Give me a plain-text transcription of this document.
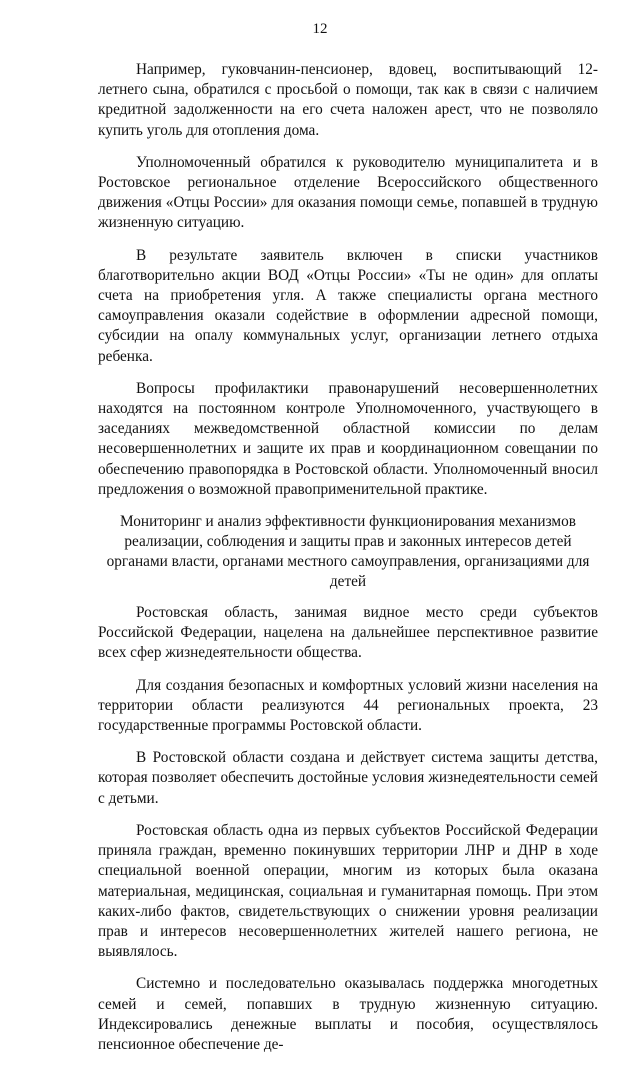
12

Например, гуковчанин-пенсионер, вдовец, воспитывающий 12-летнего сына, обратился с просьбой о помощи, так как в связи с наличием кредитной задолженности на его счета наложен арест, что не позволяло купить уголь для отопления дома.

Уполномоченный обратился к руководителю муниципалитета и в Ростовское региональное отделение Всероссийского общественного движения «Отцы России» для оказания помощи семье, попавшей в трудную жизненную ситуацию.

В результате заявитель включен в списки участников благотворительно акции ВОД «Отцы России» «Ты не один» для оплаты счета на приобретения угля. А также специалисты органа местного самоуправления оказали содействие в оформлении адресной помощи, субсидии на опалу коммунальных услуг, организации летнего отдыха ребенка.

Вопросы профилактики правонарушений несовершеннолетних находятся на постоянном контроле Уполномоченного, участвующего в заседаниях межведомственной областной комиссии по делам несовершеннолетних и защите их прав и координационном совещании по обеспечению правопорядка в Ростовской области. Уполномоченный вносил предложения о возможной правоприменительной практике.

Мониторинг и анализ эффективности функционирования механизмов реализации, соблюдения и защиты прав и законных интересов детей органами власти, органами местного самоуправления, организациями для детей

Ростовская область, занимая видное место среди субъектов Российской Федерации, нацелена на дальнейшее перспективное развитие всех сфер жизнедеятельности общества.

Для создания безопасных и комфортных условий жизни населения на территории области реализуются 44 региональных проекта, 23 государственные программы Ростовской области.

В Ростовской области создана и действует система защиты детства, которая позволяет обеспечить достойные условия жизнедеятельности семей с детьми.

Ростовская область одна из первых субъектов Российской Федерации приняла граждан, временно покинувших территории ЛНР и ДНР в ходе специальной военной операции, многим из которых была оказана материальная, медицинская, социальная и гуманитарная помощь. При этом каких-либо фактов, свидетельствующих о снижении уровня реализации прав и интересов несовершеннолетних жителей нашего региона, не выявлялось.

Системно и последовательно оказывалась поддержка многодетных семей и семей, попавших в трудную жизненную ситуацию. Индексировались денежные выплаты и пособия, осуществлялось пенсионное обеспечение де-
